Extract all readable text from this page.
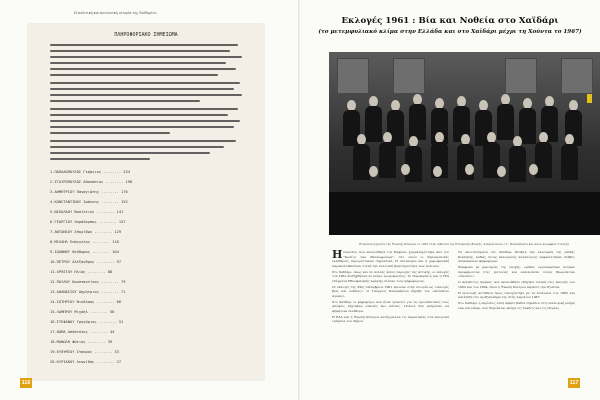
Η πολιτική και κοινωνική ιστορία της Χαϊδαρίου
ΠΛΗΡΟΦΟΡΙΑΚΟ ΣΗΜΕΙΩΜΑ
1.ΠΑΠΑΔΟΠΟΥΛΟΣ Γεώργιος ........ 234
2.ΣΤΑΥΡΟΠΟΥΛΟΣ Αθανάσιος ........ 198
3.ΔΗΜΗΤΡΙΟΥ Παναγιώτης ........ 176
4.ΚΩΝΣΤΑΝΤΙΝΟΥ Ιωάννης ........ 152
5.ΝΙΚΟΛΑΟΥ Βασίλειος ........ 141
6.ΓΕΩΡΓΙΟΥ Χαράλαμπος ........ 137
7.ΑΝΤΩΝΙΟΥ Σπυρίδων ........ 129
8.ΜΙΧΑΗΛ Ευάγγελος ........ 118
9.ΙΩΑΝΝΟΥ Θεόδωρος ........ 104
10.ΠΕΤΡΟΥ Αλέξανδρος ........ 97
11.ΧΡΗΣΤΟΥ Ηλίας ........ 88
12.ΠΑΥΛΟΥ Κωνσταντίνος ........ 79
13.ΑΘΑΝΑΣΙΟΥ Δημήτριος ........ 71
14.ΣΩΤΗΡΙΟΥ Νικόλαος ........ 66
15.ΛΑΜΠΡΟΥ Μιχαήλ ........ 58
16.ΣΤΕΦΑΝΟΥ Γρηγόριος ........ 51
17.ΘΩΜΑ Απόστολος ........ 44
18.ΜΑΝΩΛΗ Φώτιος ........ 39
19.ΕΥΘΥΜΙΟΥ Σταύρος ........ 33
20.ΚΥΡΙΑΚΟΥ Λεωνίδας ........ 27
116
Εκλογές 1961 : Βία και Νοθεία στο Χαϊδάρι
(το μετεμφυλιακό κλίμα στην Ελλάδα και στο Χαϊδάρι μέχρι τη Χούντα το 1967)
Η απόλυτη ηγεσία της Ένωσης Κέντρου το 1961 στην αίθουσα της Ελληνικής Βουλής. Διακρίνονται ο Γ. Παπανδρέου και άλλα κορυφαία στελέχη

Η περίοδος που ακολούθησε τον Εμφύλιο χαρακτηρίστηκε από τον "Κράτος των εθνικοφρόνων", στο οποίο οι δημοκρατικές ελευθερίες περιορίστηκαν σημαντικά. Η αστυνομία και η χωροφυλακή παρακολουθούσαν στενά την πολιτική δραστηριότητα των πολιτών.

Στο Χαϊδάρι, όπως και σε πολλές άλλες περιοχές της Αττικής, οι εκλογές του 1961 διεξήχθησαν σε κλίμα τρομοκρατίας. Το Παρακράτος και η ΤΕΑ (Τάγματα Εθνοφυλακής Αμύνης) πίεσαν τους ψηφοφόρους.

Οι εκλογές της 29ης Οκτωβρίου 1961 έμειναν στην ιστορία ως «εκλογές βίας και νοθείας». Ο Γεώργιος Παπανδρέου κήρυξε τον «Ανένδοτο Αγώνα».

Στο Χαϊδάρι οι ψηφοφόροι που ήταν γνωστοί για τις προοδευτικές τους απόψεις δέχτηκαν απειλές και πιέσεις. Πολλοί δεν μπόρεσαν να ψηφίσουν ελεύθερα.

Η ΕΔΑ και η Ένωση Κέντρου κατήγγειλαν τις παρατυπίες στα εκλογικά τμήματα του Δήμου.

Τα αποτελέσματα στο Χαϊδάρι έδειξαν την αλλοίωση της λαϊκής βούλησης, καθώς στους εκλογικούς καταλόγους εμφανίστηκαν πλήθος ανύπαρκτων ψηφοφόρων.

Σύμφωνα με μαρτυρίες της εποχής, ομάδες οργανωμένων ατόμων περιφέρονταν στις γειτονιές και απειλούσαν όσους θεωρούνταν «ύποπτοι».

Ο Ανένδοτος Αγώνας που ακολούθησε οδήγησε τελικά στις εκλογές του 1963 και του 1964, όπου η Ένωση Κέντρου κέρδισε την εξουσία.

Η πολιτική αστάθεια όμως συνεχίστηκε με τα Ιουλιανά του 1965 και κατέληξε στο πραξικόπημα της 21ης Απριλίου 1967.

Στο Χαϊδάρι η περίοδος αυτή άφησε βαθιά σημάδια στη συλλογική μνήμη των κατοίκων, που θυμούνται ακόμη τις διώξεις και τις εξορίες.

117
